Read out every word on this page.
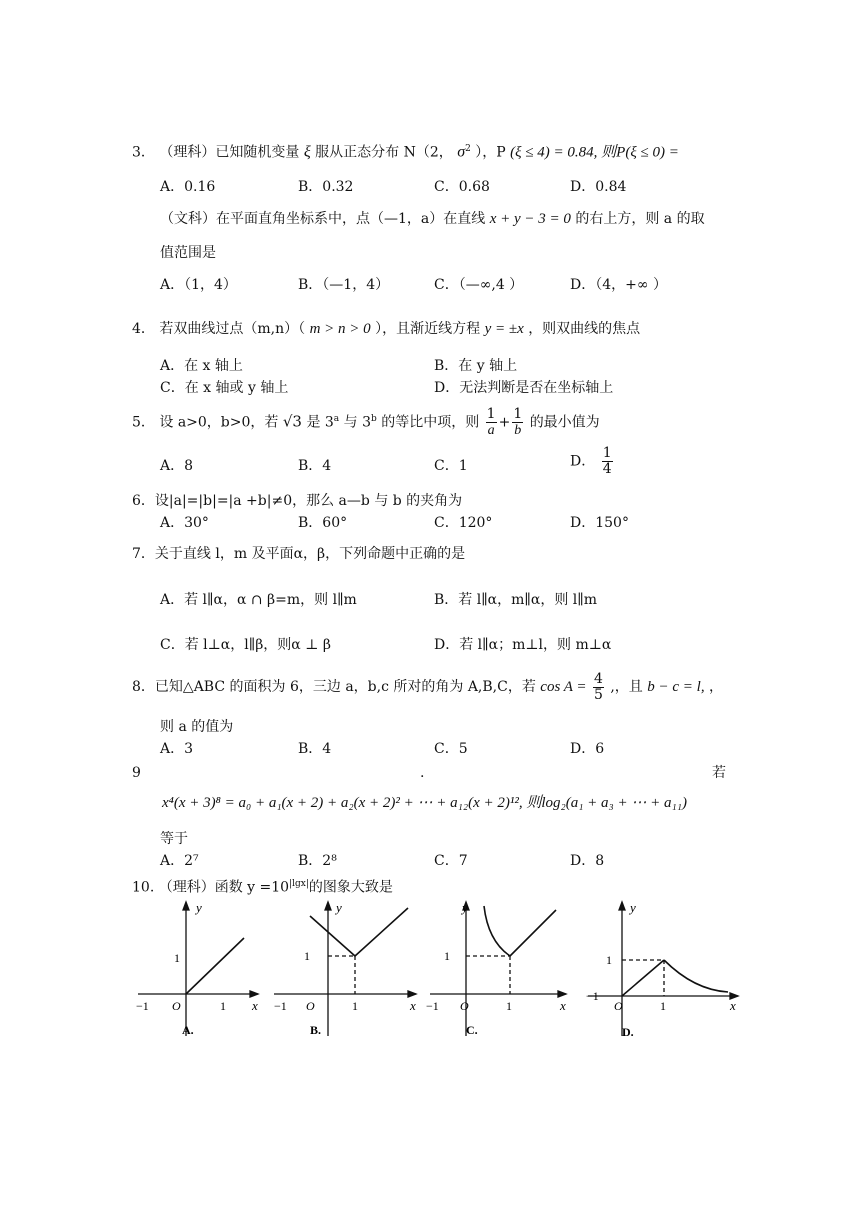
3． （理科）已知随机变量 ξ 服从正态分布 N（2， $\sigma^2$ ），P (ξ ≤ 4) = 0.84, 则P(ξ ≤ 0) =
A．0.16	B．0.32	C．0.68	D．0.84
（文科）在平面直角坐标系中，点（—1，a）在直线 x + y − 3 = 0 的右上方，则 a 的取
值范围是
A．（1，4）	B．（—1，4）	C．（—∞,4 ）	D．（4，+∞ ）
4． 若双曲线过点（m,n）（ m > n > 0 ），且渐近线方程 y = ±x ，则双曲线的焦点
A．在 x 轴上	B．在 y 轴上
C．在 x 轴或 y 轴上	D．无法判断是否在坐标轴上
5． 设 a>0，b>0，若 √3 是 3$^a$ 与 3$^b$ 的等比中项，则 $\frac{1}{a} + \frac{1}{b}$ 的最小值为
A．8	B．4	C．1	D． $\frac{1}{4}$
6．设|a|=|b|=|a +b|≠0，那么 a—b 与 b 的夹角为
A．30°	B．60°	C．120°	D．150°
7．关于直线 l，m 及平面α，β，下列命题中正确的是
A．若 l∥α，α ∩ β=m，则 l∥m	B．若 l∥α，m∥α，则 l∥m
C．若 l⊥α，l∥β，则α ⊥ β	D．若 l∥α；m⊥l，则 m⊥α
8．已知△ABC 的面积为 6，三边 a，b,c 所对的角为 A,B,C，若 $\cos A = \frac{4}{5}$ ,，且 b − c = l, ，
则 a 的值为
A．3	B．4	C．5	D．6
9	.	若
x⁴(x + 3)⁸ = a₀ + a₁(x + 2) + a₂(x + 2)² + ⋯ + a₁₂(x + 2)¹², 则log₂(a₁ + a₃ + ⋯ + a₁₁)
等于
A．2⁷	B．2⁸	C．7	D．8
10. （理科）函数 $y =10^{|lgx|}$的图象大致是
y
x
−1 O	1
1
A.
y
x
−1 O	1
1
B.
y
x
−1 O	1
1
C.
y
x
−1
O	1
1
D.
